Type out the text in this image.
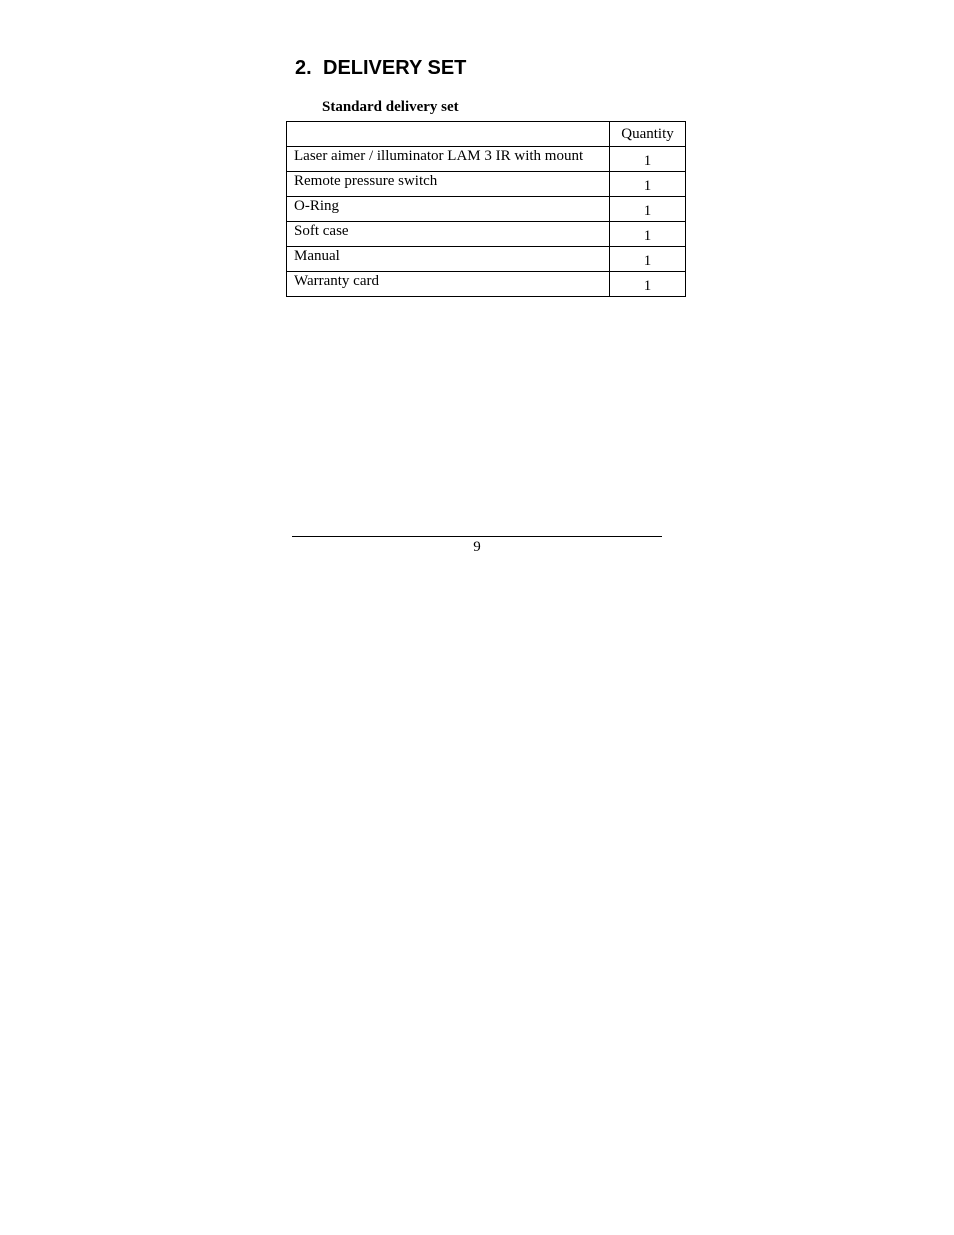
2. DELIVERY SET

Standard delivery set

	Quantity
Laser aimer / illuminator LAM 3 IR with mount	1
Remote pressure switch	1
O-Ring	1
Soft case	1
Manual	1
Warranty card	1
9
